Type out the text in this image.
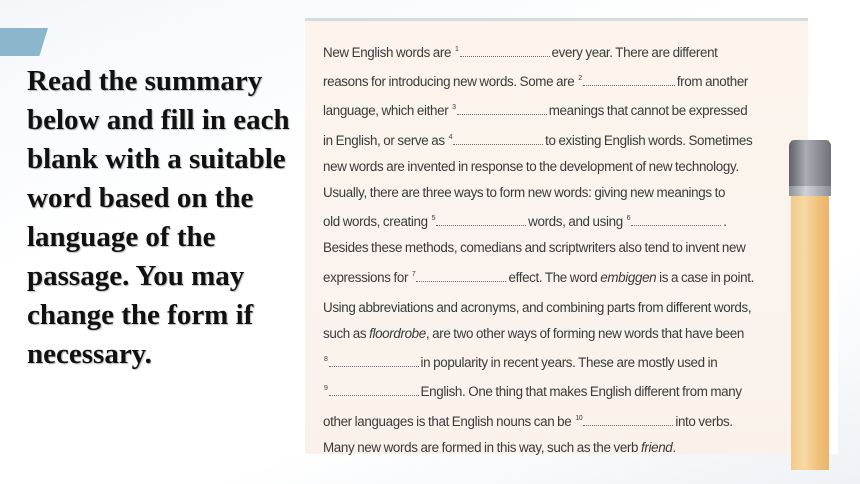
Read the summary below and fill in each blank with a suitable word based on the language of the passage. You may change the form if necessary.
New English words are $^1$	every year. There are different
reasons for introducing new words. Some are $^2$	from another
language, which either $^3$	meanings that cannot be expressed
in English, or serve as $^4$	to existing English words. Sometimes
new words are invented in response to the development of new technology.
Usually, there are three ways to form new words: giving new meanings to
old words, creating $^5$	words, and using $^6$	.
Besides these methods, comedians and scriptwriters also tend to invent new
expressions for $^7$	effect. The word embiggen is a case in point.
Using abbreviations and acronyms, and combining parts from different words,
such as floordrobe, are two other ways of forming new words that have been
$^8$	in popularity in recent years. These are mostly used in
$^9$	English. One thing that makes English different from many
other languages is that English nouns can be $^{10}$	into verbs.
Many new words are formed in this way, such as the verb friend.
